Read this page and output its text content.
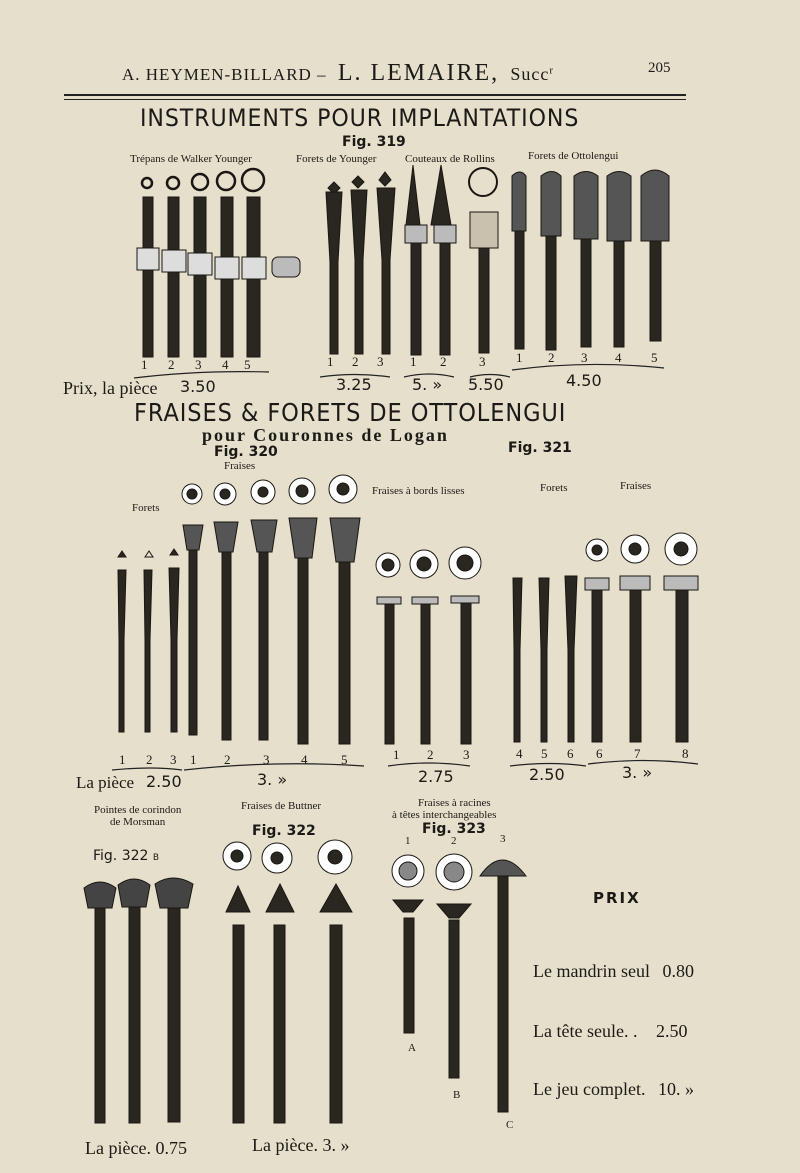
A. HEYMEN-BILLARD – L. LEMAIRE, Succ$^r$	205
INSTRUMENTS POUR IMPLANTATIONS
Fig. 319
Trépans de Walker Younger	Forets de Younger	Couteaux de Rollins	Forets de Ottolengui
1 2 3 4 5	1 2 3 1 2	3 1 2 3 4 5
Prix, la pièce 3.50	3.25	5. » 5.50	4.50
FRAISES & FORETS DE OTTOLENGUI
pour Couronnes de Logan
Fig. 320	Fig. 321
Fraises
Forets
Fraises à bords lisses	Forets	Fraises
1 2 3 1 2	3 4	5	1 2 3	4 5 6 6 7	8
La pièce 2.50	3. »	2.75	2.50	3. »
Pointes de corindon
de Morsman
Fig. 322 B
Fraises de Buttner
Fig. 322
Fraises à racines
à têtes interchangeables
Fig. 323
1	2	3
A
B
C
La pièce. 0.75	La pièce. 3. »
PRIX
Le mandrin seul 0.80
La tête seule. . 2.50
Le jeu complet. 10. »
